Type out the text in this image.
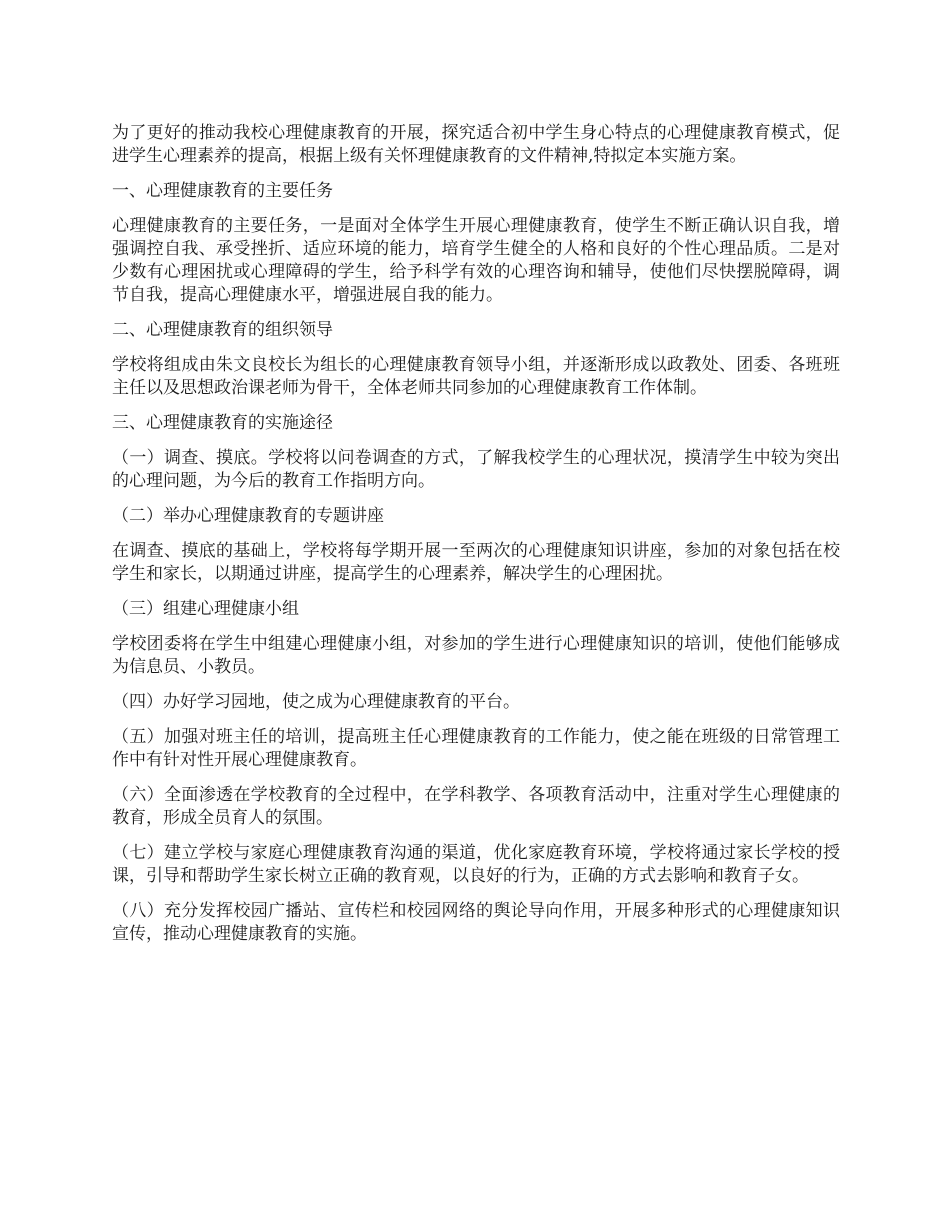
为了更好的推动我校心理健康教育的开展，探究适合初中学生身心特点的心理健康教育模式，促进学生心理素养的提高，根据上级有关怀理健康教育的文件精神,特拟定本实施方案。

一、心理健康教育的主要任务

心理健康教育的主要任务，一是面对全体学生开展心理健康教育，使学生不断正确认识自我，增强调控自我、承受挫折、适应环境的能力，培育学生健全的人格和良好的个性心理品质。二是对少数有心理困扰或心理障碍的学生，给予科学有效的心理咨询和辅导，使他们尽快摆脱障碍，调节自我，提高心理健康水平，增强进展自我的能力。

二、心理健康教育的组织领导

学校将组成由朱文良校长为组长的心理健康教育领导小组，并逐渐形成以政教处、团委、各班班主任以及思想政治课老师为骨干，全体老师共同参加的心理健康教育工作体制。

三、心理健康教育的实施途径

（一）调查、摸底。学校将以问卷调查的方式，了解我校学生的心理状况，摸清学生中较为突出的心理问题，为今后的教育工作指明方向。

（二）举办心理健康教育的专题讲座

在调查、摸底的基础上，学校将每学期开展一至两次的心理健康知识讲座，参加的对象包括在校学生和家长，以期通过讲座，提高学生的心理素养，解决学生的心理困扰。

（三）组建心理健康小组

学校团委将在学生中组建心理健康小组，对参加的学生进行心理健康知识的培训，使他们能够成为信息员、小教员。

（四）办好学习园地，使之成为心理健康教育的平台。

（五）加强对班主任的培训，提高班主任心理健康教育的工作能力，使之能在班级的日常管理工作中有针对性开展心理健康教育。

（六）全面渗透在学校教育的全过程中，在学科教学、各项教育活动中，注重对学生心理健康的教育，形成全员育人的氛围。

（七）建立学校与家庭心理健康教育沟通的渠道，优化家庭教育环境，学校将通过家长学校的授课，引导和帮助学生家长树立正确的教育观，以良好的行为，正确的方式去影响和教育子女。

（八）充分发挥校园广播站、宣传栏和校园网络的舆论导向作用，开展多种形式的心理健康知识宣传，推动心理健康教育的实施。
